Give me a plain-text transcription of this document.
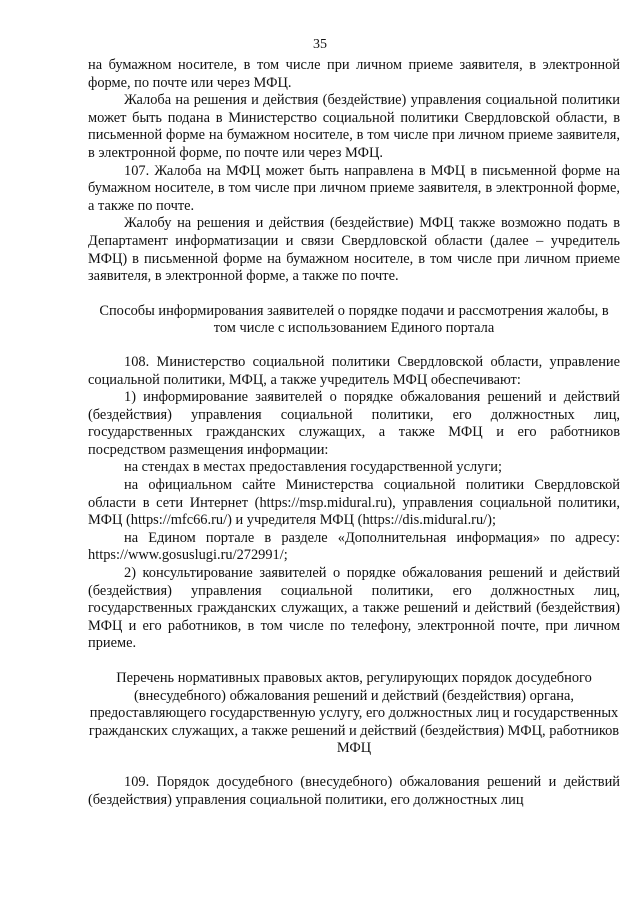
35

на бумажном носителе, в том числе при личном приеме заявителя, в электронной форме, по почте или через МФЦ.

Жалоба на решения и действия (бездействие) управления социальной политики может быть подана в Министерство социальной политики Свердловской области, в письменной форме на бумажном носителе, в том числе при личном приеме заявителя, в электронной форме, по почте или через МФЦ.

107. Жалоба на МФЦ может быть направлена в МФЦ в письменной форме на бумажном носителе, в том числе при личном приеме заявителя, в электронной форме, а также по почте.

Жалобу на решения и действия (бездействие) МФЦ также возможно подать в Департамент информатизации и связи Свердловской области (далее – учредитель МФЦ) в письменной форме на бумажном носителе, в том числе при личном приеме заявителя, в электронной форме, а также по почте.

Способы информирования заявителей о порядке подачи и рассмотрения жалобы, в том числе с использованием Единого портала

108. Министерство социальной политики Свердловской области, управление социальной политики, МФЦ, а также учредитель МФЦ обеспечивают:

1) информирование заявителей о порядке обжалования решений и действий (бездействия) управления социальной политики, его должностных лиц, государственных гражданских служащих, а также МФЦ и его работников посредством размещения информации:

на стендах в местах предоставления государственной услуги;

на официальном сайте Министерства социальной политики Свердловской области в сети Интернет (https://msp.midural.ru), управления социальной политики, МФЦ (https://mfc66.ru/) и учредителя МФЦ (https://dis.midural.ru/);

на Едином портале в разделе «Дополнительная информация» по адресу: https://www.gosuslugi.ru/272991/;

2) консультирование заявителей о порядке обжалования решений и действий (бездействия) управления социальной политики, его должностных лиц, государственных гражданских служащих, а также решений и действий (бездействия) МФЦ и его работников, в том числе по телефону, электронной почте, при личном приеме.

Перечень нормативных правовых актов, регулирующих порядок досудебного (внесудебного) обжалования решений и действий (бездействия) органа, предоставляющего государственную услугу, его должностных лиц и государственных гражданских служащих, а также решений и действий (бездействия) МФЦ, работников МФЦ

109. Порядок досудебного (внесудебного) обжалования решений и действий (бездействия) управления социальной политики, его должностных лиц
